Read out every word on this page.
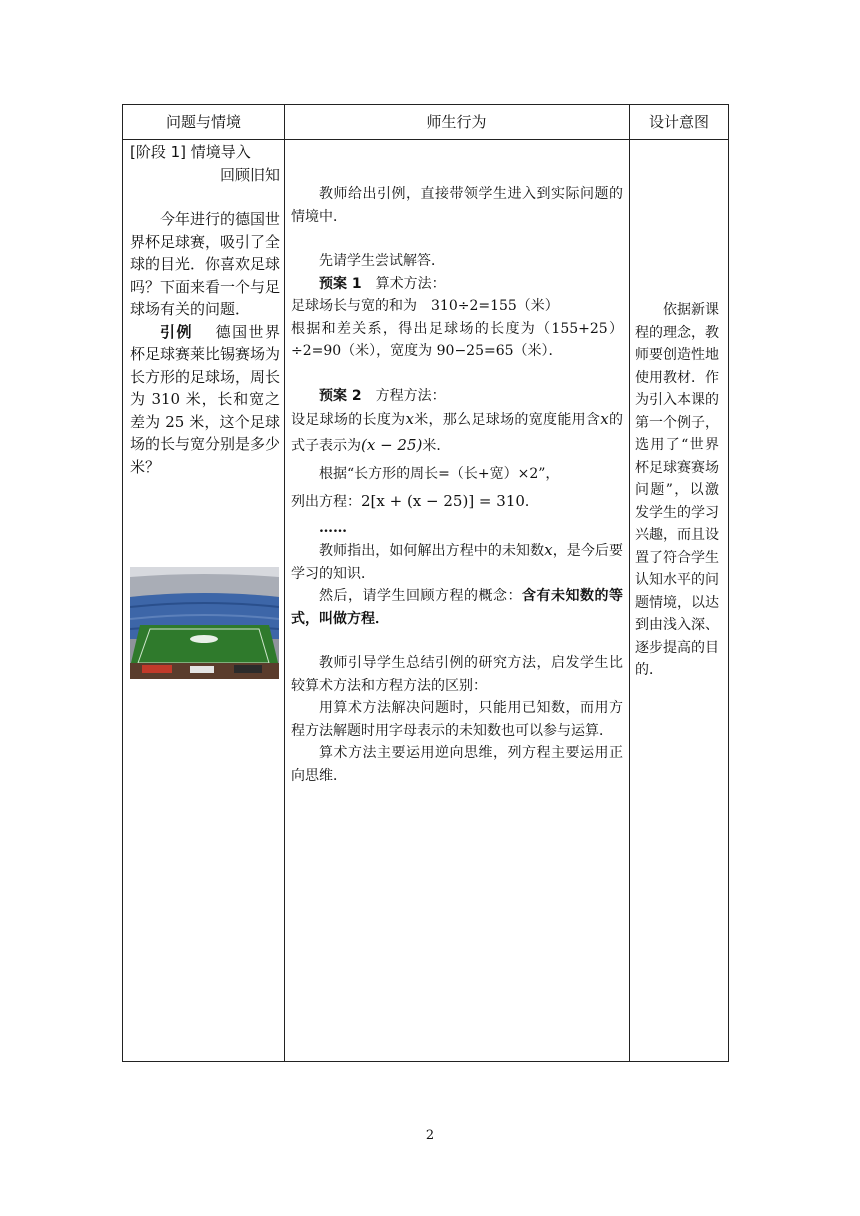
问题与情境	师生行为	设计意图
[阶段 1] 情境导入
回顾旧知

今年进行的德国世界杯足球赛，吸引了全球的目光．你喜欢足球吗？下面来看一个与足球场有关的问题．

引例   德国世界杯足球赛莱比锡赛场为长方形的足球场，周长为 310 米，长和宽之差为 25 米，这个足球场的长与宽分别是多少米？

教师给出引例，直接带领学生进入到实际问题的情境中．

先请学生尝试解答．

预案 1  算术方法：

足球场长与宽的和为　310÷2=155（米）

根据和差关系，得出足球场的长度为（155+25）÷2=90（米），宽度为 90−25=65（米）．

预案 2  方程方法：

设足球场的长度为x米，那么足球场的宽度能用含x的式子表示为(x − 25)米．

根据“长方形的周长=（长+宽）×2”，

列出方程：2[x + (x − 25)] = 310．

……

教师指出，如何解出方程中的未知数x，是今后要学习的知识．

然后，请学生回顾方程的概念：含有未知数的等式，叫做方程．

教师引导学生总结引例的研究方法，启发学生比较算术方法和方程方法的区别：

用算术方法解决问题时，只能用已知数，而用方程方法解题时用字母表示的未知数也可以参与运算．

算术方法主要运用逆向思维，列方程主要运用正向思维．

依据新课程的理念，教师要创造性地使用教材．作为引入本课的第一个例子，选用了“世界杯足球赛赛场问题”，以激发学生的学习兴趣，而且设置了符合学生认知水平的问题情境，以达到由浅入深、逐步提高的目的．
2
